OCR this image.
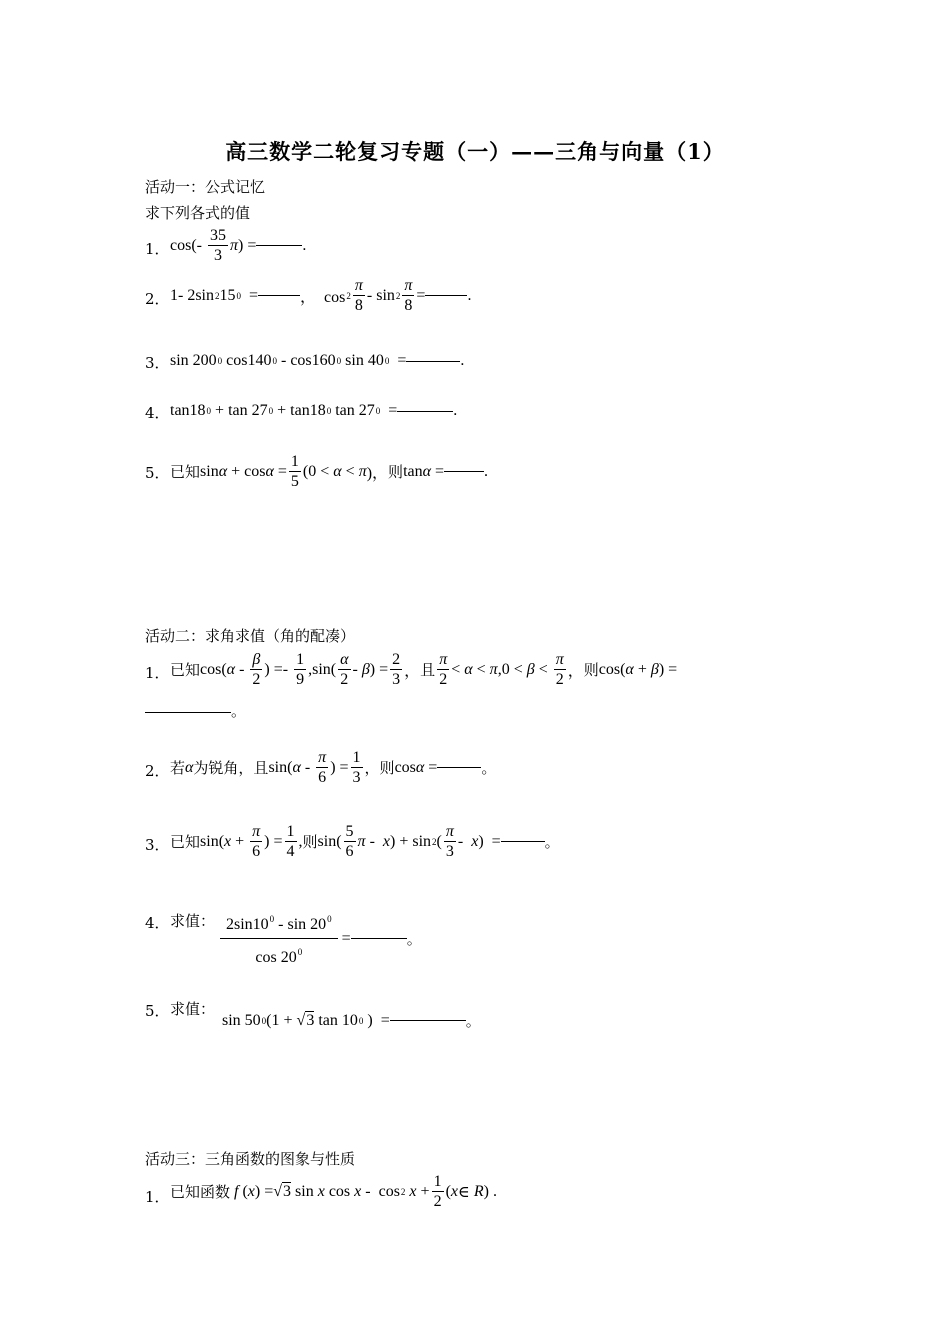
高三数学二轮复习专题（一）——三角与向量（1）
活动一：公式记忆
求下列各式的值
1． $\cos(- \frac{35}{3}$ π ) =	.
2． 1- 2sin 2 15 0 =	，  $\cos 2 \frac{\pi}{8}$ - $\sin 2 \frac{\pi}{8}$ =	.
3． sin 200 0 cos140 0 - cos160 0 sin 40 0 =	.
4． tan18 0 + tan 27 0 + tan18 0 tan 27 0 =	.
5． 已知 $\sin \alpha + \cos \alpha = \frac{1}{5} (0 < \alpha < \pi$ )， 则 tan α =	.
活动二：求角求值（角的配凑）
1． 已知 cos( α - $\frac{\beta}{2}$ ) =- $\frac{1}{9} ,\sin( \frac{\alpha}{2}$ - β ) = $\frac{2}{3}$ ， 且 $\frac{\pi}{2} < \alpha < \pi$ $,0 < \beta < \frac{\pi}{2}$ ， 则 cos( α + β ) =
。
2． 若 α 为锐角，且 sin( α - $\frac{\pi}{6}$ ) = $\frac{1}{3}$ ，则 cos α =	。
3． 已知 sin( $x + \frac{\pi}{6}$ ) = $\frac{1}{4}$ , 则 $\sin( \frac{5}{6}$ π - x ) + sin 2 ( $\frac{\pi}{3}$ - x )  =	。
4． 求值： $2\sin 10^0$ - $\sin 20^0$
$\cos 20^0$
=	。
5． 求值：
sin 50 0 (1 + √ 3 tan 10 0 )  =	。
活动三：三角函数的图象与性质
1． 已知函数
f ( x ) =√ 3 sin x cos x -  cos 2
$x + \frac{1}{2}$ ( x ∈ R ) .
